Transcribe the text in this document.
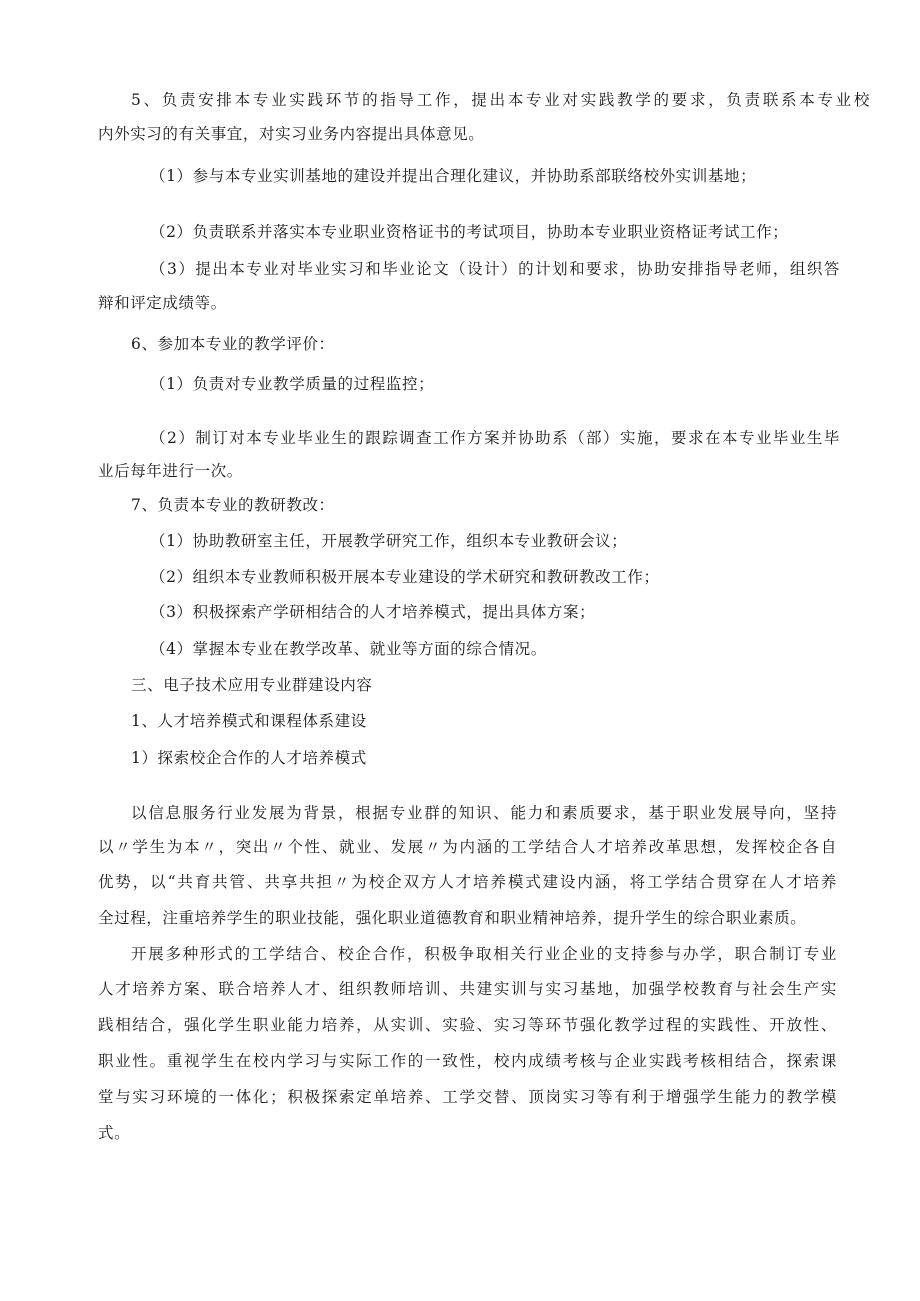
5、负责安排本专业实践环节的指导工作，提出本专业对实践教学的要求，负责联系本专业校
内外实习的有关事宜，对实习业务内容提出具体意见。
（1）参与本专业实训基地的建设并提出合理化建议，并协助系部联络校外实训基地；
（2）负责联系并落实本专业职业资格证书的考试项目，协助本专业职业资格证考试工作；
（3）提出本专业对毕业实习和毕业论文（设计）的计划和要求，协助安排指导老师，组织答
辩和评定成绩等。
6、参加本专业的教学评价：
（1）负责对专业教学质量的过程监控；
（2）制订对本专业毕业生的跟踪调查工作方案并协助系（部）实施，要求在本专业毕业生毕
业后每年进行一次。
7、负责本专业的教研教改：
（1）协助教研室主任，开展教学研究工作，组织本专业教研会议；
（2）组织本专业教师积极开展本专业建设的学术研究和教研教改工作；
（3）积极探索产学研相结合的人才培养模式，提出具体方案；
（4）掌握本专业在教学改革、就业等方面的综合情况。
三、电子技术应用专业群建设内容
1、人才培养模式和课程体系建设
1）探索校企合作的人才培养模式
以信息服务行业发展为背景，根据专业群的知识、能力和素质要求，基于职业发展导向，坚持
以〃学生为本〃，突出〃个性、就业、发展〃为内涵的工学结合人才培养改革思想，发挥校企各自
优势，以“共育共管、共享共担〃为校企双方人才培养模式建设内涵，将工学结合贯穿在人才培养
全过程，注重培养学生的职业技能，强化职业道德教育和职业精神培养，提升学生的综合职业素质。
开展多种形式的工学结合、校企合作，积极争取相关行业企业的支持参与办学，职合制订专业
人才培养方案、联合培养人才、组织教师培训、共建实训与实习基地，加强学校教育与社会生产实
践相结合，强化学生职业能力培养，从实训、实验、实习等环节强化教学过程的实践性、开放性、
职业性。重视学生在校内学习与实际工作的一致性，校内成绩考核与企业实践考核相结合，探索课
堂与实习环境的一体化；积极探索定单培养、工学交替、顶岗实习等有利于增强学生能力的教学模
式。
